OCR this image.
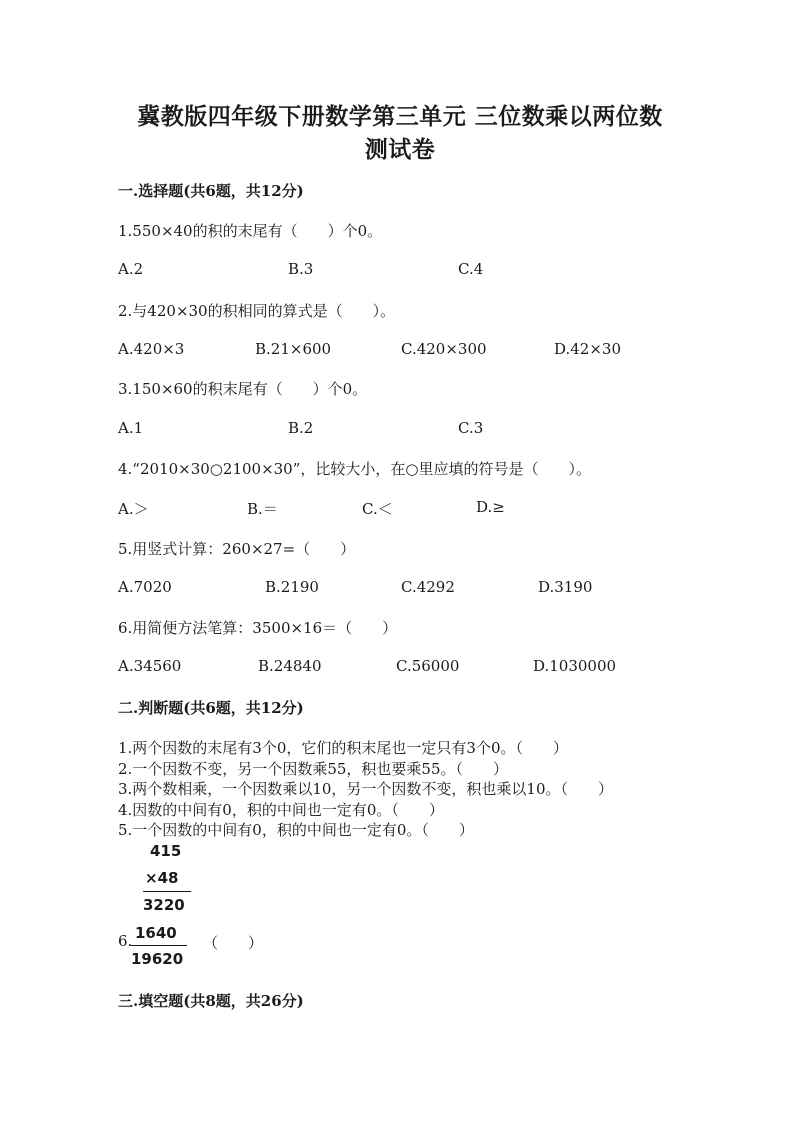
冀教版四年级下册数学第三单元 三位数乘以两位数
测试卷
一.选择题(共6题，共12分)
1.550×40的积的末尾有（　　）个0。
A.2	B.3	C.4
2.与420×30的积相同的算式是（　　）。
A.420×3	B.21×600	C.420×300	D.42×30
3.150×60的积末尾有（　　）个0。
A.1	B.2	C.3
4.“2010×30○2100×30”，比较大小，在○里应填的符号是（　　）。
A.＞	B.＝	C.＜	D.≥
5.用竖式计算：260×27=（　　）
A.7020	B.2190	C.4292	D.3190
6.用简便方法笔算：3500×16＝（　　）
A.34560	B.24840	C.56000	D.1030000
二.判断题(共6题，共12分)
1.两个因数的末尾有3个0，它们的积末尾也一定只有3个0。（　　）
2.一个因数不变，另一个因数乘55，积也要乘55。（　　）
3.两个数相乘，一个因数乘以10，另一个因数不变，积也乘以10。（　　）
4.因数的中间有0，积的中间也一定有0。（　　）
5.一个因数的中间有0，积的中间也一定有0。（　　）
415
×48
3220
6. 1640
19620
（　　）
三.填空题(共8题，共26分)
